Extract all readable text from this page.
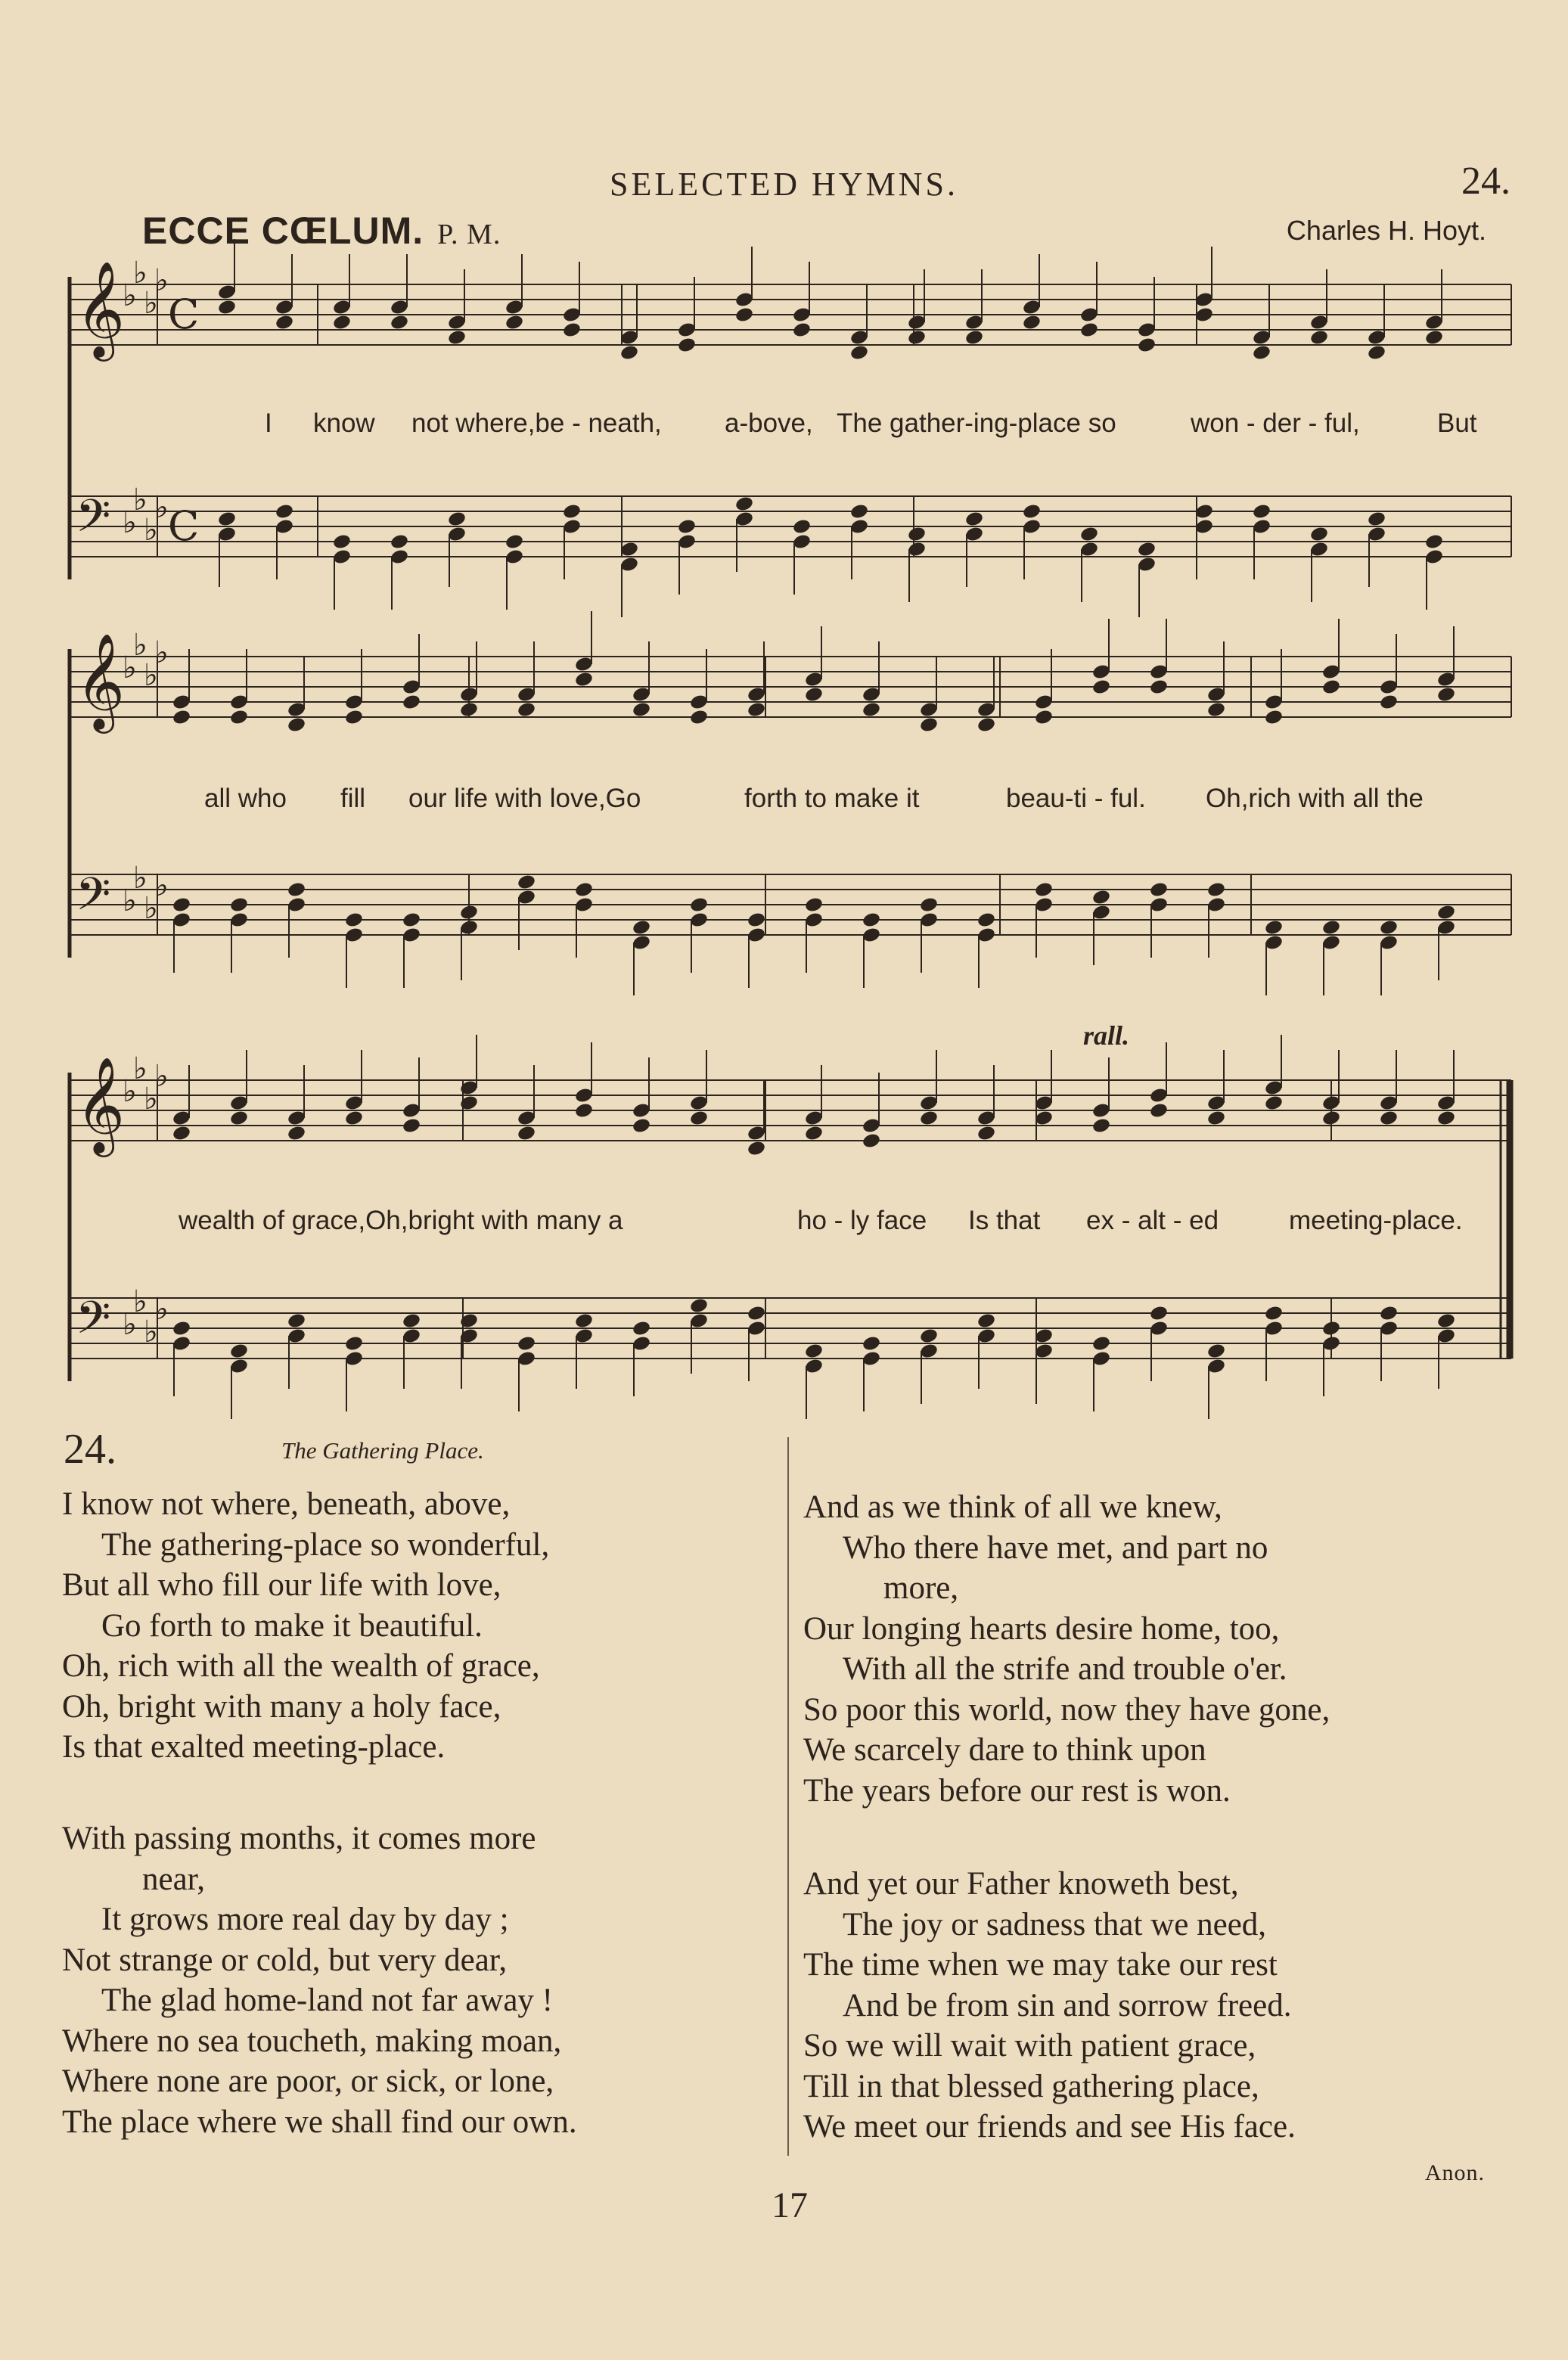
SELECTED HYMNS.	24.
ECCE CŒLUM. P. M.	Charles H. Hoyt.
𝄞
♭
♭
♭
♭
C
𝄢 ♭
♭
♭
♭ C
𝄞
♭
♭
♭
♭
𝄢 ♭
♭
♭
♭
𝄞
♭
♭
♭
♭
𝄢 ♭
♭
♭
♭
I know not where,be - neath, a-bove, The gather-ing-place so	won - der - ful,	But
all who fill our life with love,Go	forth to make it	beau-ti - ful. Oh,rich with all the
rall.
wealth of grace,Oh,bright with many a	ho - ly face Is that ex - alt - ed	meeting-place.
24.	The Gathering Place.
I know not where, beneath, above,
The gathering-place so wonderful,
But all who fill our life with love,
Go forth to make it beautiful.
Oh, rich with all the wealth of grace,
Oh, bright with many a holy face,
Is that exalted meeting-place.
With passing months, it comes more
near,
It grows more real day by day ;
Not strange or cold, but very dear,
The glad home-land not far away !
Where no sea toucheth, making moan,
Where none are poor, or sick, or lone,
The place where we shall find our own.
And as we think of all we knew,
Who there have met, and part no
more,
Our longing hearts desire home, too,
With all the strife and trouble o'er.
So poor this world, now they have gone,
We scarcely dare to think upon
The years before our rest is won.
And yet our Father knoweth best,
The joy or sadness that we need,
The time when we may take our rest
And be from sin and sorrow freed.
So we will wait with patient grace,
Till in that blessed gathering place,
We meet our friends and see His face.
Anon.
17
